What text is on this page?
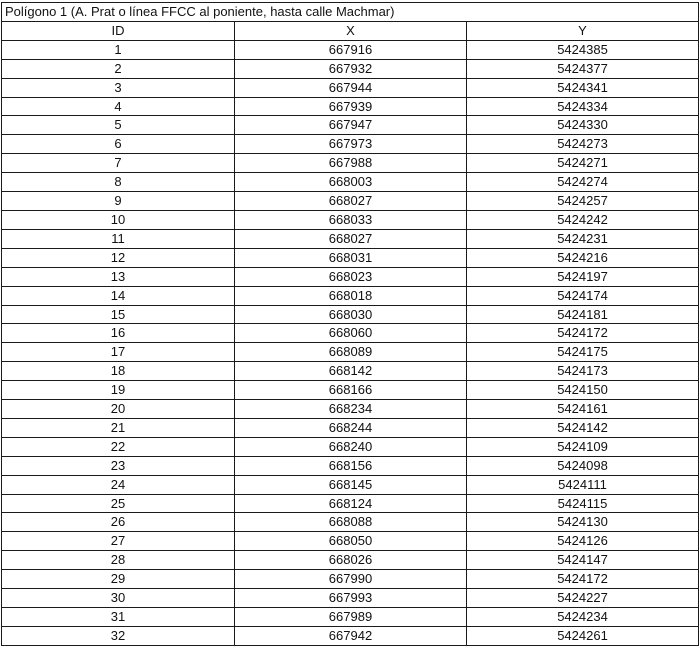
Polígono 1 (A. Prat o línea FFCC al poniente, hasta calle Machmar)		
ID	X	Y
1	667916	5424385
2	667932	5424377
3	667944	5424341
4	667939	5424334
5	667947	5424330
6	667973	5424273
7	667988	5424271
8	668003	5424274
9	668027	5424257
10	668033	5424242
11	668027	5424231
12	668031	5424216
13	668023	5424197
14	668018	5424174
15	668030	5424181
16	668060	5424172
17	668089	5424175
18	668142	5424173
19	668166	5424150
20	668234	5424161
21	668244	5424142
22	668240	5424109
23	668156	5424098
24	668145	5424111
25	668124	5424115
26	668088	5424130
27	668050	5424126
28	668026	5424147
29	667990	5424172
30	667993	5424227
31	667989	5424234
32	667942	5424261
